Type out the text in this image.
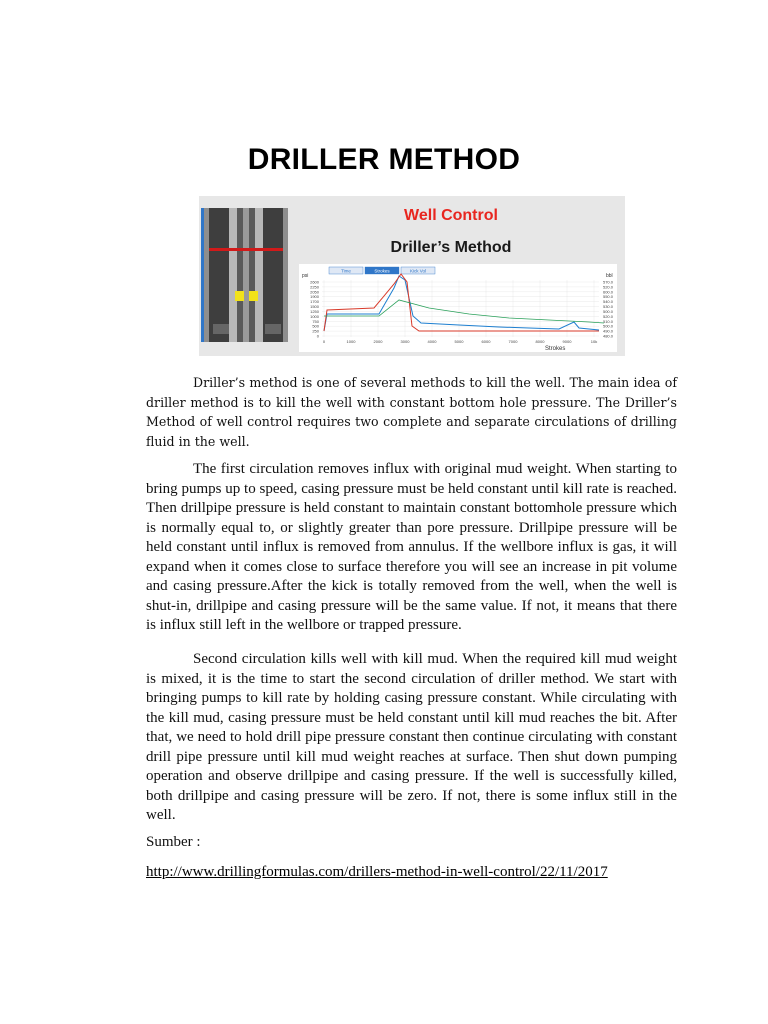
DRILLER METHOD
Well Control
Driller’s Method
Time	Strokes	Kick Vol
2600
2250
2050
1900
1700
1500
1250
1000
750
500
250
0
570.0
520.0
600.0
550.0
540.0
530.0
500.0
520.0
510.0
500.0
490.0
480.0
0	1000	2000	3000	4000	5000	6000	7000	8000	9000	10k
psi	bbl
Strokes

Driller’s method is one of several methods to kill the well. The main idea of driller method is to kill the well with constant bottom hole pressure. The Driller’s Method of well control requires two complete and separate circulations of drilling fluid in the well.

The first circulation removes influx with original mud weight. When starting to bring pumps up to speed, casing pressure must be held constant until kill rate is reached. Then drillpipe pressure is held constant to maintain constant bottomhole pressure which is normally equal to, or slightly greater than pore pressure. Drillpipe pressure will be held constant until influx is removed from annulus. If the wellbore influx is gas, it will expand when it comes close to surface therefore you will see an increase in pit volume and casing pressure.After the kick is totally removed from the well, when the well is shut-in, drillpipe and casing pressure will be the same value. If not, it means that there is influx still left in the wellbore or trapped pressure.

Second circulation kills well with kill mud. When the required kill mud weight is mixed, it is the time to start the second circulation of driller method. We start with bringing pumps to kill rate by holding casing pressure constant. While circulating with the kill mud, casing pressure must be held constant until kill mud reaches the bit. After that, we need to hold drill pipe pressure constant then continue circulating with constant drill pipe pressure until kill mud weight reaches at surface. Then shut down pumping operation and observe drillpipe and casing pressure. If the well is successfully killed, both drillpipe and casing pressure will be zero. If not, there is some influx still in the well.

Sumber :

http://www.drillingformulas.com/drillers-method-in-well-control/22/11/2017
